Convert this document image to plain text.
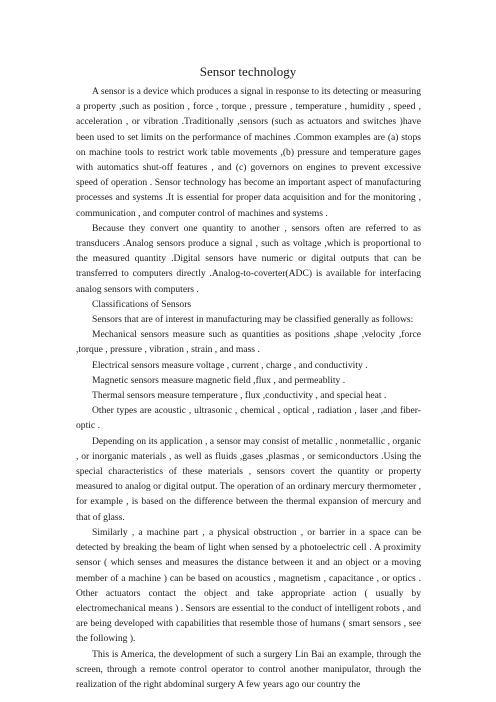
Sensor technology

A sensor is a device which produces a signal in response to its detecting or measuring a property ,such as position , force , torque , pressure , temperature , humidity , speed , acceleration , or vibration .Traditionally ,sensors (such as actuators and switches )have been used to set limits on the performance of machines .Common examples are (a) stops on machine tools to restrict work table movements ,(b) pressure and temperature gages with automatics shut-off features , and (c) governors on engines to prevent excessive speed of operation . Sensor technology has become an important aspect of manufacturing processes and systems .It is essential for proper data acquisition and for the monitoring , communication , and computer control of machines and systems .

Because they convert one quantity to another , sensors often are referred to as transducers .Analog sensors produce a signal , such as voltage ,which is proportional to the measured quantity .Digital sensors have numeric or digital outputs that can be transferred to computers directly .Analog-to-coverter(ADC) is available for interfacing analog sensors with computers .

Classifications of Sensors

Sensors that are of interest in manufacturing may be classified generally as follows:

Mechanical sensors measure such as quantities as positions ,shape ,velocity ,force ,torque , pressure , vibration , strain , and mass .

Electrical sensors measure voltage , current , charge , and conductivity .

Magnetic sensors measure magnetic field ,flux , and permeablity .

Thermal sensors measure temperature , flux ,conductivity , and special heat .

Other types are acoustic , ultrasonic , chemical , optical , radiation , laser ,and fiber-optic .

Depending on its application , a sensor may consist of metallic , nonmetallic , organic , or inorganic materials , as well as fluids ,gases ,plasmas , or semiconductors .Using the special characteristics of these materials , sensors covert the quantity or property measured to analog or digital output. The operation of an ordinary mercury thermometer , for example , is based on the difference between the thermal expansion of mercury and that of glass.

Similarly , a machine part , a physical obstruction , or barrier in a space can be detected by breaking the beam of light when sensed by a photoelectric cell . A proximity sensor ( which senses and measures the distance between it and an object or a moving member of a machine ) can be based on acoustics , magnetism , capacitance , or optics . Other actuators contact the object and take appropriate action ( usually by electromechanical means ) . Sensors are essential to the conduct of intelligent robots , and are being developed with capabilities that resemble those of humans ( smart sensors , see the following ).

This is America, the development of such a surgery Lin Bai an example, through the screen, through a remote control operator to control another manipulator, through the realization of the right abdominal surgery A few years ago our country the
